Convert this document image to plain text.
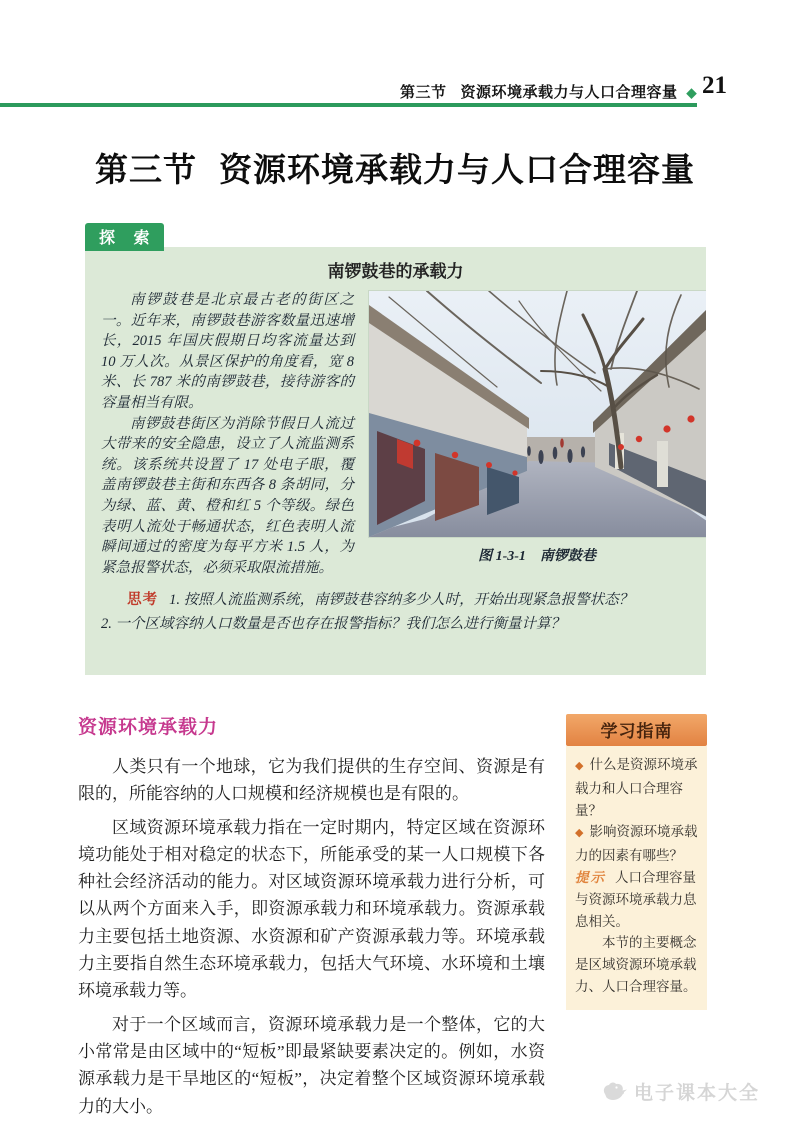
第三节 资源环境承载力与人口合理容量 ◆ 21
第三节 资源环境承载力与人口合理容量
探 索
南锣鼓巷的承载力

南锣鼓巷是北京最古老的街区之一。近年来，南锣鼓巷游客数量迅速增长，2015 年国庆假期日均客流量达到 10 万人次。从景区保护的角度看，宽 8 米、长 787 米的南锣鼓巷，接待游客的容量相当有限。

南锣鼓巷街区为消除节假日人流过大带来的安全隐患，设立了人流监测系统。该系统共设置了 17 处电子眼，覆盖南锣鼓巷主街和东西各 8 条胡同，分为绿、蓝、黄、橙和红 5 个等级。绿色表明人流处于畅通状态，红色表明人流瞬间通过的密度为每平方米 1.5 人，为紧急报警状态，必须采取限流措施。

图 1-3-1　南锣鼓巷

思考 1. 按照人流监测系统，南锣鼓巷容纳多少人时，开始出现紧急报警状态？

2. 一个区域容纳人口数量是否也存在报警指标？我们怎么进行衡量计算？

资源环境承载力

人类只有一个地球，它为我们提供的生存空间、资源是有限的，所能容纳的人口规模和经济规模也是有限的。

区域资源环境承载力指在一定时期内，特定区域在资源环境功能处于相对稳定的状态下，所能承受的某一人口规模下各种社会经济活动的能力。对区域资源环境承载力进行分析，可以从两个方面来入手，即资源承载力和环境承载力。资源承载力主要包括土地资源、水资源和矿产资源承载力等。环境承载力主要指自然生态环境承载力，包括大气环境、水环境和土壤环境承载力等。

对于一个区域而言，资源环境承载力是一个整体，它的大小常常是由区域中的“短板”即最紧缺要素决定的。例如，水资源承载力是干旱地区的“短板”，决定着整个区域资源环境承载力的大小。

学习指南

◆ 什么是资源环境承载力和人口合理容量？

◆ 影响资源环境承载力的因素有哪些？

提示 人口合理容量与资源环境承载力息息相关。

本节的主要概念是区域资源环境承载力、人口合理容量。

电子课本大全
